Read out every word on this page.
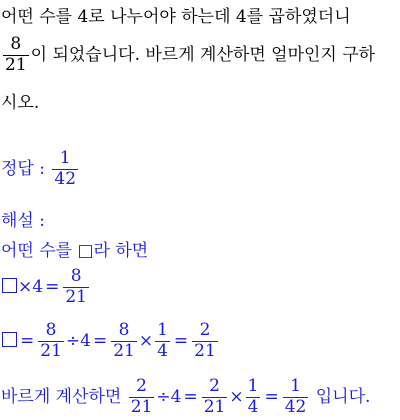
어떤 수를 4로 나누어야 하는데 4를 곱하였더니
$\frac{8}{21}$ 이 되었습니다. 바르게 계산하면 얼마인지 구하
시오.
정답 : $\frac{1}{42}$
해설 :
어떤 수를 □라 하면
$\times 4 = \frac{8}{21}$
= $\frac{8}{21} \div 4 = \frac{8}{21} \times \frac{1}{4} = \frac{2}{21}$
바르게 계산하면 $\frac{2}{21} \div 4 = \frac{2}{21} \times \frac{1}{4} = \frac{1}{42}$ 입니다.
